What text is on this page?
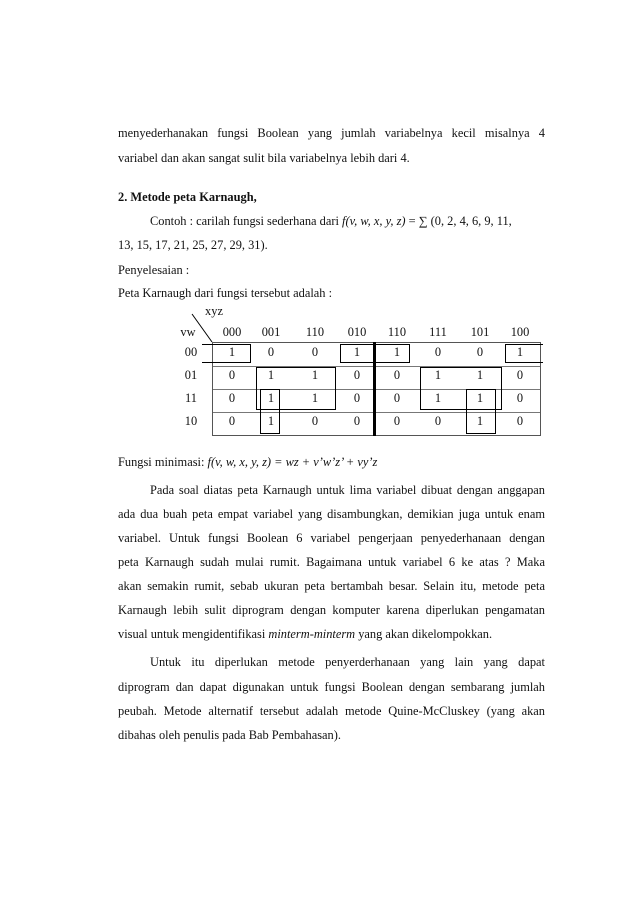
menyederhanakan fungsi Boolean yang jumlah variabelnya kecil misalnya 4
variabel dan akan sangat sulit bila variabelnya lebih dari 4.
2. Metode peta Karnaugh,
Contoh : carilah fungsi sederhana dari f(v, w, x, y, z) = ∑ (0, 2, 4, 6, 9, 11,
13, 15, 17, 21, 25, 27, 29, 31).
Penyelesaian :
Peta Karnaugh dari fungsi tersebut adalah :
xyz
vw	000	001	110	010	110	111	101	100
00	1	0	0	1	1	0	0	1
01	0	1	1	0	0	1	1	0
11	0	1	1	0	0	1	1	0
10	0	1	0	0	0	0	1	0
Fungsi minimasi: f(v, w, x, y, z) = wz + v’w’z’ + vy’z
Pada soal diatas peta Karnaugh untuk lima variabel dibuat dengan anggapan
ada dua buah peta empat variabel yang disambungkan, demikian juga untuk enam
variabel. Untuk fungsi Boolean 6 variabel pengerjaan penyederhanaan dengan
peta Karnaugh sudah mulai rumit. Bagaimana untuk variabel 6 ke atas ? Maka
akan semakin rumit, sebab ukuran peta bertambah besar. Selain itu, metode peta
Karnaugh lebih sulit diprogram dengan komputer karena diperlukan pengamatan
visual untuk mengidentifikasi minterm-minterm yang akan dikelompokkan.
Untuk itu diperlukan metode penyerderhanaan yang lain yang dapat
diprogram dan dapat digunakan untuk fungsi Boolean dengan sembarang jumlah
peubah. Metode alternatif tersebut adalah metode Quine-McCluskey (yang akan
dibahas oleh penulis pada Bab Pembahasan).
